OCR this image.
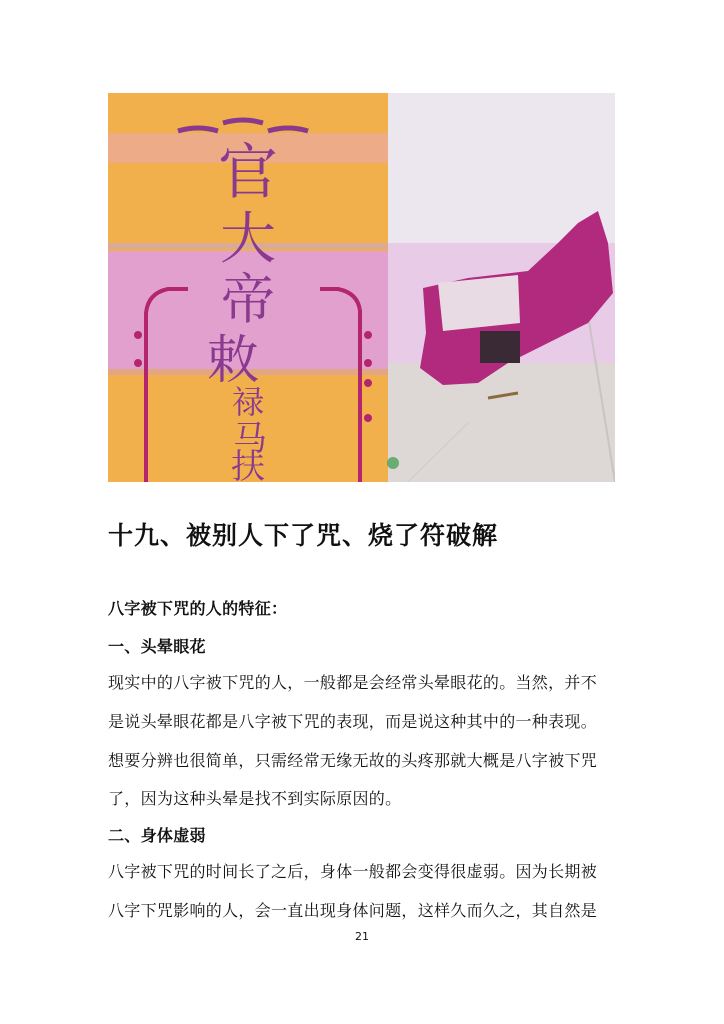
官
大
帝
敕
禄
马
扶
十九、被别人下了咒、烧了符破解
八字被下咒的人的特征：
一、头晕眼花
现实中的八字被下咒的人，一般都是会经常头晕眼花的。当然，并不
是说头晕眼花都是八字被下咒的表现，而是说这种其中的一种表现。
想要分辨也很简单，只需经常无缘无故的头疼那就大概是八字被下咒
了，因为这种头晕是找不到实际原因的。
二、身体虚弱
八字被下咒的时间长了之后，身体一般都会变得很虚弱。因为长期被
八字下咒影响的人，会一直出现身体问题，这样久而久之，其自然是
21
